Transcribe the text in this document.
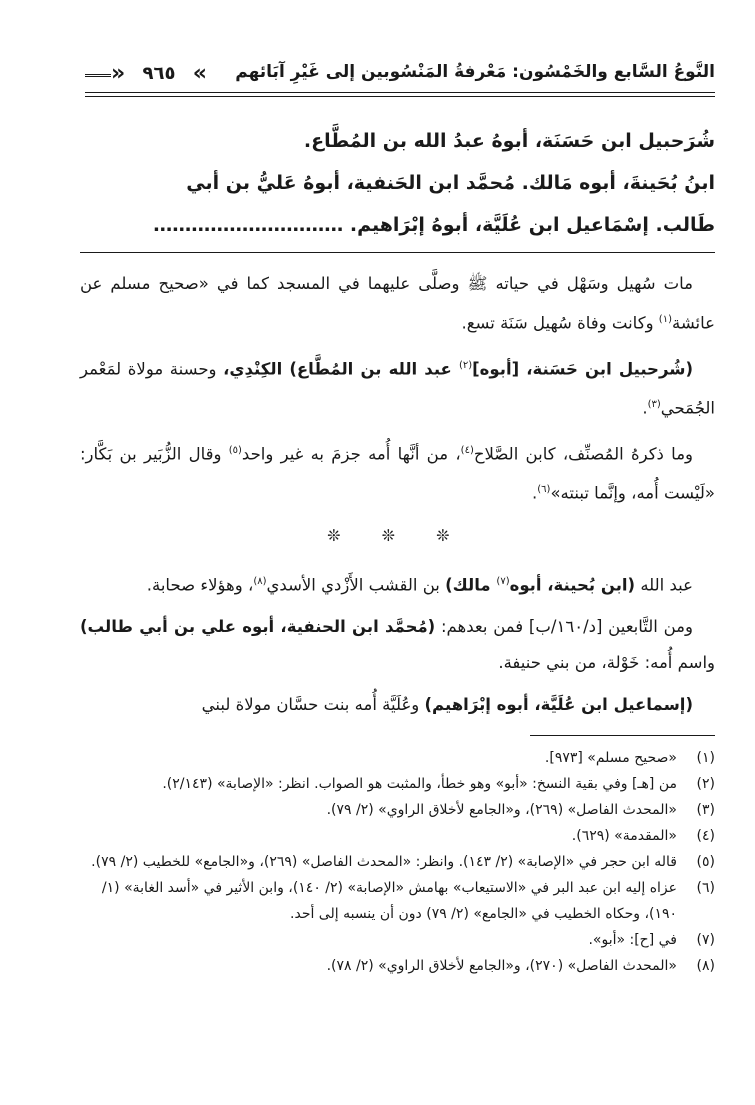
النَّوعُ السَّابع والخَمْسُون: مَعْرفةُ المَنْسُوبين إلى غَيْرِ آبَائهم
« ٩٦٥ »

شُرَحبيل ابن حَسَنَة، أبوهُ عبدُ الله بن المُطَّاع.

ابنُ بُحَينةَ، أبوه مَالك. مُحمَّد ابن الحَنفية، أبوهُ عَليُّ بن أبي

طَالب. إسْمَاعيل ابن عُلَيَّة، أبوهُ إبْرَاهيم. …………………………

مات سُهيل وسَهْل في حياته ﷺ وصلَّى عليهما في المسجد كما في «صحيح مسلم عن عائشة$^{(١)}$ وكانت وفاة سُهيل سَنَة تسع.

(شُرحبيل ابن حَسَنة، [أبوه]$^{(٢)}$ عبد الله بن المُطَّاع) الكِنْدِي، وحسنة مولاة لمَعْمر الجُمَحي$^{(٣)}$.

وما ذكرهُ المُصنِّف، كابن الصَّلاح$^{(٤)}$، من أنَّها أُمه جزمَ به غير واحد$^{(٥)}$ وقال الزُّبَير بن بَكَّار: «لَيْست أُمه، وإنَّما تبنته»$^{(٦)}$.

❊ ❊ ❊

عبد الله (ابن بُحينة، أبوه$^{(٧)}$ مالك) بن القشب الأَزْدي الأسدي$^{(٨)}$، وهؤلاء صحابة.

ومن التَّابعين [د/١٦٠/ب] فمن بعدهم: (مُحمَّد ابن الحنفية، أبوه علي بن أبي طالب) واسم أُمه: خَوْلة، من بني حنيفة.

(إسماعيل ابن عُلَيَّة، أبوه إبْرَاهيم) وعُلَيَّة أُمه بنت حسَّان مولاة لبني

(١)
«صحيح مسلم» [٩٧٣].
(٢)
من [هـ] وفي بقية النسخ: «أبو» وهو خطأ، والمثبت هو الصواب. انظر: «الإصابة» (٢/١٤٣).
(٣)
«المحدث الفاصل» (٢٦٩)، و«الجامع لأخلاق الراوي» (٢/ ٧٩).
(٤)
«المقدمة» (٦٢٩).
(٥)
قاله ابن حجر في «الإصابة» (٢/ ١٤٣). وانظر: «المحدث الفاصل» (٢٦٩)، و«الجامع» للخطيب (٢/ ٧٩).
(٦)
عزاه إليه ابن عبد البر في «الاستيعاب» بهامش «الإصابة» (٢/ ١٤٠)، وابن الأثير في «أسد الغابة» (١/ ١٩٠)، وحكاه الخطيب في «الجامع» (٢/ ٧٩) دون أن ينسبه إلى أحد.
(٧)
في [ح]: «أبو».
(٨)
«المحدث الفاصل» (٢٧٠)، و«الجامع لأخلاق الراوي» (٢/ ٧٨).
